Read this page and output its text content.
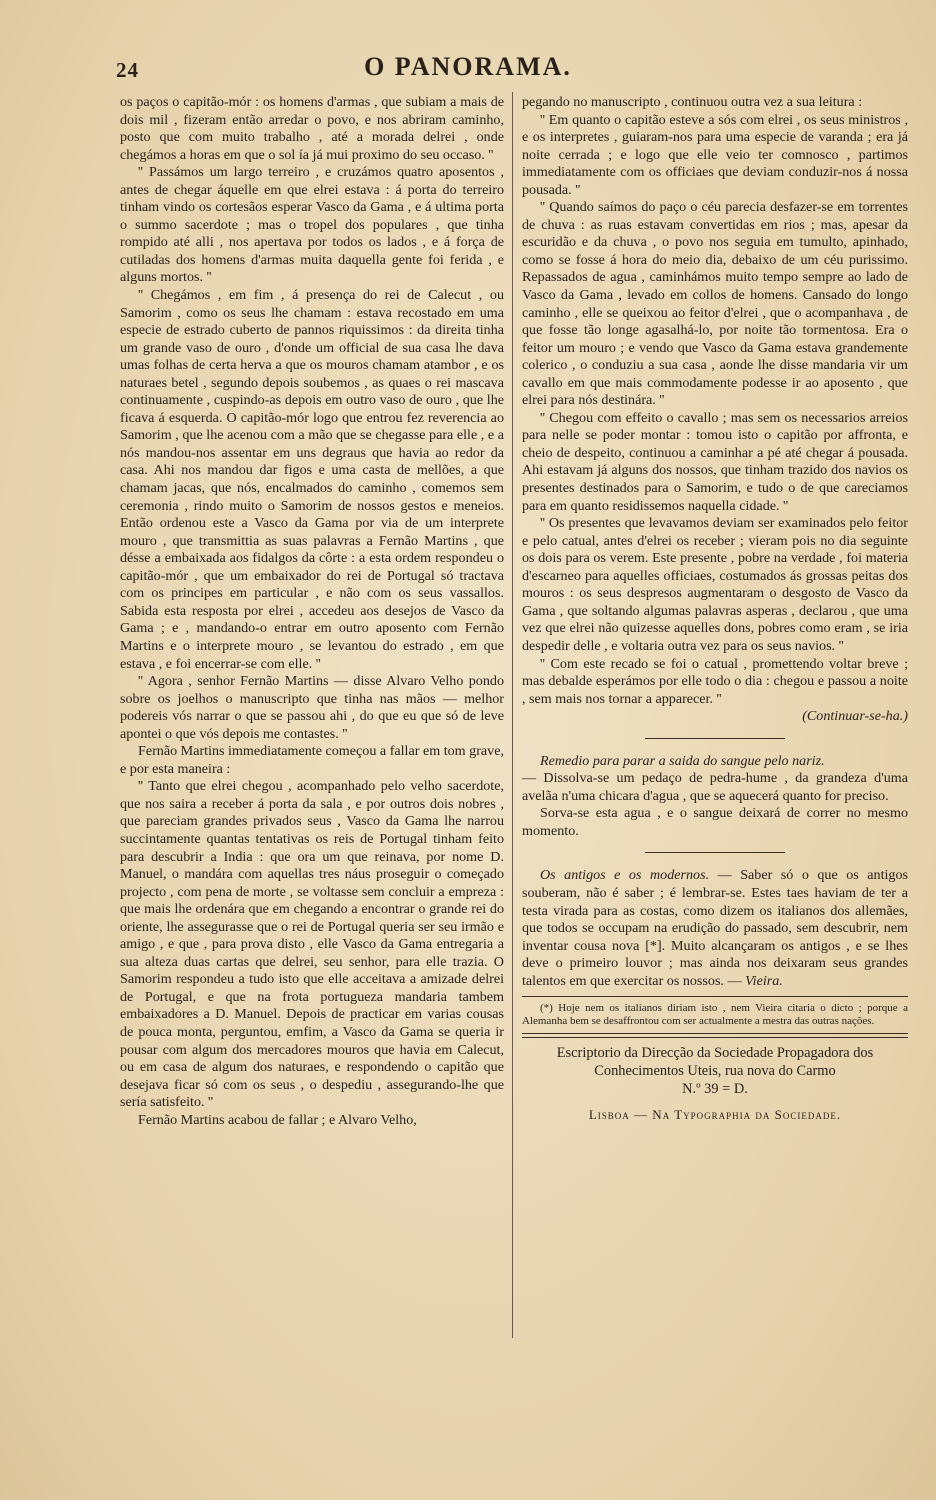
24	O PANORAMA.

os paços o capitão-mór : os homens d'armas , que subiam a mais de dois mil , fizeram então arredar o povo, e nos abriram caminho, posto que com muito trabalho , até a morada delrei , onde chegámos a horas em que o sol ía já mui proximo do seu occaso. ''

'' Passámos um largo terreiro , e cruzámos quatro aposentos , antes de chegar áquelle em que elrei estava : á porta do terreiro tinham vindo os cortesãos esperar Vasco da Gama , e á ultima porta o summo sacerdote ; mas o tropel dos populares , que tinha rompido até alli , nos apertava por todos os lados , e á força de cutiladas dos homens d'armas muita daquella gente foi ferida , e alguns mortos. ''

'' Chegámos , em fim , á presença do rei de Calecut , ou Samorim , como os seus lhe chamam : estava recostado em uma especie de estrado cuberto de pannos riquissimos : da direita tinha um grande vaso de ouro , d'onde um official de sua casa lhe dava umas folhas de certa herva a que os mouros chamam atambor , e os naturaes betel , segundo depois soubemos , as quaes o rei mascava continuamente , cuspindo-as depois em outro vaso de ouro , que lhe ficava á esquerda. O capitão-mór logo que entrou fez reverencia ao Samorim , que lhe acenou com a mão que se chegasse para elle , e a nós mandou-nos assentar em uns degraus que havia ao redor da casa. Ahi nos mandou dar figos e uma casta de mellões, a que chamam jacas, que nós, encalmados do caminho , comemos sem ceremonia , rindo muito o Samorim de nossos gestos e meneios. Então ordenou este a Vasco da Gama por via de um interprete mouro , que transmittia as suas palavras a Fernão Martins , que désse a embaixada aos fidalgos da côrte : a esta ordem respondeu o capitão-mór , que um embaixador do rei de Portugal só tractava com os principes em particular , e não com os seus vassallos. Sabida esta resposta por elrei , accedeu aos desejos de Vasco da Gama ; e , mandando-o entrar em outro aposento com Fernão Martins e o interprete mouro , se levantou do estrado , em que estava , e foi encerrar-se com elle. ''

'' Agora , senhor Fernão Martins — disse Alvaro Velho pondo sobre os joelhos o manuscripto que tinha nas mãos — melhor podereis vós narrar o que se passou ahi , do que eu que só de leve apontei o que vós depois me contastes. ''

Fernão Martins immediatamente começou a fallar em tom grave, e por esta maneira :

'' Tanto que elrei chegou , acompanhado pelo velho sacerdote, que nos saira a receber á porta da sala , e por outros dois nobres , que pareciam grandes privados seus , Vasco da Gama lhe narrou succintamente quantas tentativas os reis de Portugal tinham feito para descubrir a India : que ora um que reinava, por nome D. Manuel, o mandára com aquellas tres náus proseguir o começado projecto , com pena de morte , se voltasse sem concluir a empreza : que mais lhe ordenára que em chegando a encontrar o grande rei do oriente, lhe assegurasse que o rei de Portugal queria ser seu irmão e amigo , e que , para prova disto , elle Vasco da Gama entregaria a sua alteza duas cartas que delrei, seu senhor, para elle trazia. O Samorim respondeu a tudo isto que elle acceitava a amizade delrei de Portugal, e que na frota portugueza mandaria tambem embaixadores a D. Manuel. Depois de practicar em varias cousas de pouca monta, perguntou, emfim, a Vasco da Gama se queria ir pousar com algum dos mercadores mouros que havia em Calecut, ou em casa de algum dos naturaes, e respondendo o capitão que desejava ficar só com os seus , o despediu , assegurando-lhe que sería satisfeito. ''

Fernão Martins acabou de fallar ; e Alvaro Velho,

pegando no manuscripto , continuou outra vez a sua leitura :

'' Em quanto o capitão esteve a sós com elrei , os seus ministros , e os interpretes , guiaram-nos para uma especie de varanda ; era já noite cerrada ; e logo que elle veio ter comnosco , partimos immediatamente com os officiaes que deviam conduzir-nos á nossa pousada. ''

'' Quando saímos do paço o céu parecia desfazer-se em torrentes de chuva : as ruas estavam convertidas em rios ; mas, apesar da escuridão e da chuva , o povo nos seguia em tumulto, apinhado, como se fosse á hora do meio dia, debaixo de um céu purissimo. Repassados de agua , caminhámos muito tempo sempre ao lado de Vasco da Gama , levado em collos de homens. Cansado do longo caminho , elle se queixou ao feitor d'elrei , que o acompanhava , de que fosse tão longe agasalhá-lo, por noite tão tormentosa. Era o feitor um mouro ; e vendo que Vasco da Gama estava grandemente colerico , o conduziu a sua casa , aonde lhe disse mandaria vir um cavallo em que mais commodamente podesse ir ao aposento , que elrei para nós destinára. ''

'' Chegou com effeito o cavallo ; mas sem os necessarios arreios para nelle se poder montar : tomou isto o capitão por affronta, e cheio de despeito, continuou a caminhar a pé até chegar á pousada. Ahi estavam já alguns dos nossos, que tinham trazido dos navios os presentes destinados para o Samorim, e tudo o de que careciamos para em quanto residissemos naquella cidade. ''

'' Os presentes que levavamos deviam ser examinados pelo feitor e pelo catual, antes d'elrei os receber ; vieram pois no dia seguinte os dois para os verem. Este presente , pobre na verdade , foi materia d'escarneo para aquelles officiaes, costumados ás grossas peitas dos mouros : os seus despresos augmentaram o desgosto de Vasco da Gama , que soltando algumas palavras asperas , declarou , que uma vez que elrei não quizesse aquelles dons, pobres como eram , se iria despedir delle , e voltaria outra vez para os seus navios. ''

'' Com este recado se foi o catual , promettendo voltar breve ; mas debalde esperámos por elle todo o dia : chegou e passou a noite , sem mais nos tornar a apparecer. ''

(Continuar-se-ha.)

Remedio para parar a saida do sangue pelo nariz.
— Dissolva-se um pedaço de pedra-hume , da grandeza d'uma avelãa n'uma chicara d'agua , que se aquecerá quanto for preciso.

Sorva-se esta agua , e o sangue deixará de correr no mesmo momento.

Os antigos e os modernos. — Saber só o que os antigos souberam, não é saber ; é lembrar-se. Estes taes haviam de ter a testa virada para as costas, como dizem os italianos dos allemães, que todos se occupam na erudição do passado, sem descubrir, nem inventar cousa nova [*]. Muito alcançaram os antigos , e se lhes deve o primeiro louvor ; mas ainda nos deixaram seus grandes talentos em que exercitar os nossos. — Vieira.

(*) Hoje nem os italianos diriam isto , nem Vieira citaria o dicto ; porque a Alemanha bem se desaffrontou com ser actualmente a mestra das outras nações.

Escriptorio da Direcção da Sociedade Propagadora dos Conhecimentos Uteis, rua nova do Carmo
N.º 39 = D.

Lisboa — Na Typographia da Sociedade.
